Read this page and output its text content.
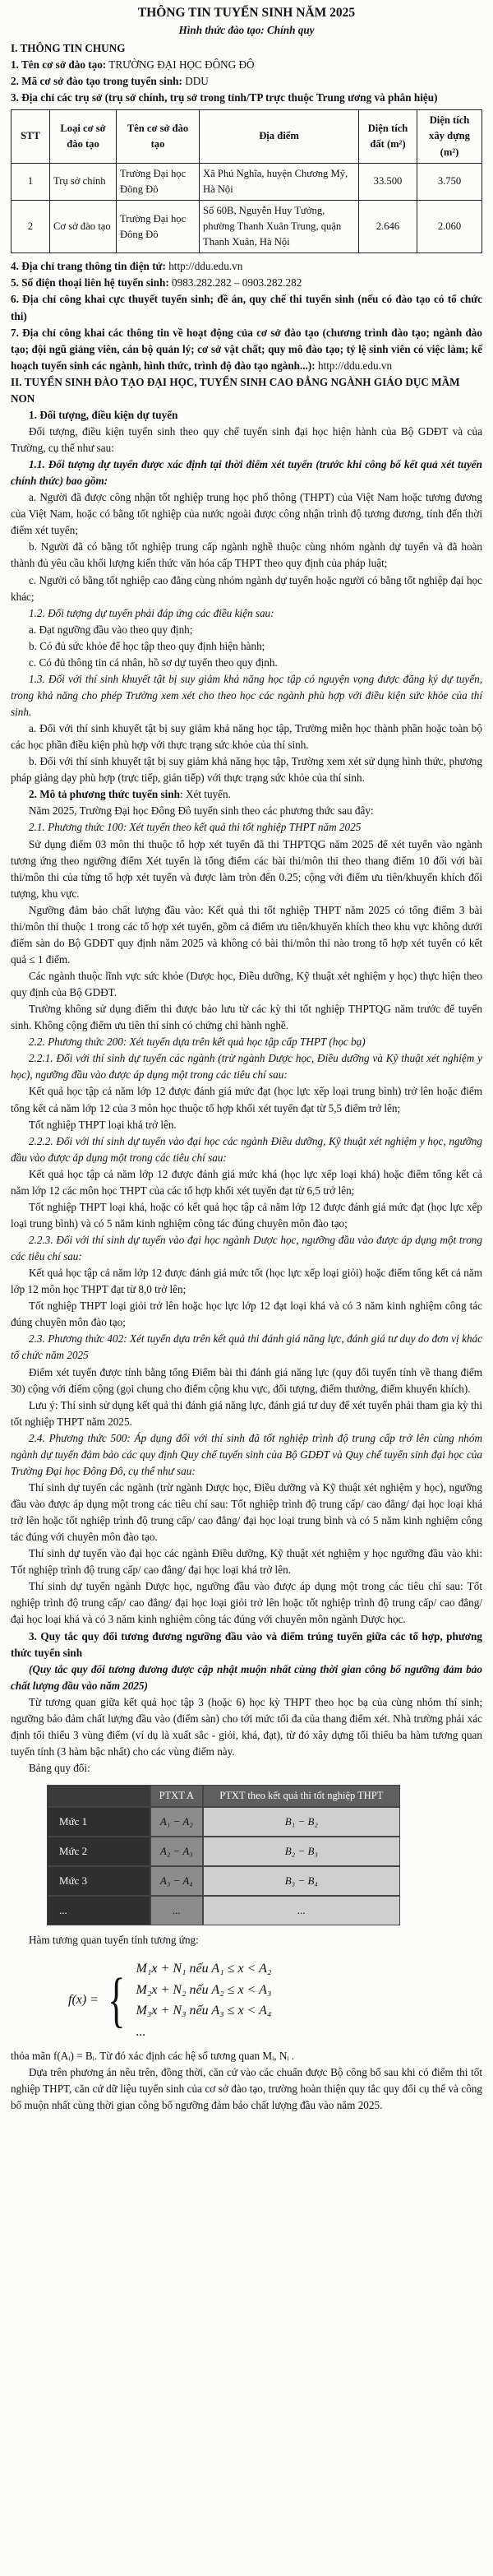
THÔNG TIN TUYỂN SINH NĂM 2025

Hình thức đào tạo: Chính quy

I. THÔNG TIN CHUNG

1. Tên cơ sở đào tạo: TRƯỜNG ĐẠI HỌC ĐÔNG ĐÔ

2. Mã cơ sở đào tạo trong tuyển sinh: DDU

3. Địa chỉ các trụ sở (trụ sở chính, trụ sở trong tỉnh/TP trực thuộc Trung ương và phân hiệu)

STT	Loại cơ sở đào tạo	Tên cơ sở đào tạo	Địa điểm	Diện tích đất (m²)	Diện tích xây dựng (m²)
1	Trụ sở chính	Trường Đại học Đông Đô	Xã Phú Nghĩa, huyện Chương Mỹ, Hà Nội	33.500	3.750
2	Cơ sở đào tạo	Trường Đại học Đông Đô	Số 60B, Nguyễn Huy Tưởng, phường Thanh Xuân Trung, quận Thanh Xuân, Hà Nội	2.646	2.060

4. Địa chỉ trang thông tin điện tử: http://ddu.edu.vn

5. Số điện thoại liên hệ tuyển sinh: 0983.282.282 – 0903.282.282

6. Địa chỉ công khai cực thuyết tuyển sinh; đề án, quy chế thi tuyển sinh (nếu có đào tạo có tổ chức thi)

7. Địa chỉ công khai các thông tin về hoạt động của cơ sở đào tạo (chương trình đào tạo; ngành đào tạo; đội ngũ giảng viên, cán bộ quản lý; cơ sở vật chất; quy mô đào tạo; tỷ lệ sinh viên có việc làm; kế hoạch tuyển sinh các ngành, hình thức, trình độ đào tạo ngành...): http://ddu.edu.vn

II. TUYỂN SINH ĐÀO TẠO ĐẠI HỌC, TUYỂN SINH CAO ĐẲNG NGÀNH GIÁO DỤC MẦM NON

1. Đối tượng, điều kiện dự tuyển

Đối tượng, điều kiện tuyển sinh theo quy chế tuyển sinh đại học hiện hành của Bộ GDĐT và của Trường, cụ thể như sau:

1.1. Đối tượng dự tuyển được xác định tại thời điểm xét tuyển (trước khi công bố kết quả xét tuyển chính thức) bao gồm:

a. Người đã được công nhận tốt nghiệp trung học phổ thông (THPT) của Việt Nam hoặc tương đương của Việt Nam, hoặc có bằng tốt nghiệp của nước ngoài được công nhận trình độ tương đương, tính đến thời điểm xét tuyển;

b. Người đã có bằng tốt nghiệp trung cấp ngành nghề thuộc cùng nhóm ngành dự tuyển và đã hoàn thành đủ yêu cầu khối lượng kiến thức văn hóa cấp THPT theo quy định của pháp luật;

c. Người có bằng tốt nghiệp cao đẳng cùng nhóm ngành dự tuyển hoặc người có bằng tốt nghiệp đại học khác;

1.2. Đối tượng dự tuyển phải đáp ứng các điều kiện sau:

a. Đạt ngưỡng đầu vào theo quy định;

b. Có đủ sức khỏe để học tập theo quy định hiện hành;

c. Có đủ thông tin cá nhân, hồ sơ dự tuyển theo quy định.

1.3. Đối với thí sinh khuyết tật bị suy giảm khả năng học tập có nguyện vọng được đăng ký dự tuyển, trong khả năng cho phép Trường xem xét cho theo học các ngành phù hợp với điều kiện sức khỏe của thí sinh.

a. Đối với thí sinh khuyết tật bị suy giảm khả năng học tập, Trường miễn học thành phần hoặc toàn bộ các học phần điều kiện phù hợp với thực trạng sức khỏe của thí sinh.

b. Đối với thí sinh khuyết tật bị suy giảm khả năng học tập, Trường xem xét sử dụng hình thức, phương pháp giảng dạy phù hợp (trực tiếp, gián tiếp) với thực trạng sức khỏe của thí sinh.

2. Mô tả phương thức tuyển sinh: Xét tuyển.

Năm 2025, Trường Đại học Đông Đô tuyển sinh theo các phương thức sau đây:

2.1. Phương thức 100: Xét tuyển theo kết quả thi tốt nghiệp THPT năm 2025

Sử dụng điểm 03 môn thi thuộc tổ hợp xét tuyển đã thi THPTQG năm 2025 để xét tuyển vào ngành tương ứng theo ngưỡng điểm Xét tuyển là tổng điểm các bài thi/môn thi theo thang điểm 10 đối với bài thi/môn thi của từng tổ hợp xét tuyển và được làm tròn đến 0.25; cộng với điểm ưu tiên/khuyến khích đối tượng, khu vực.

Ngưỡng đảm bảo chất lượng đầu vào: Kết quả thi tốt nghiệp THPT năm 2025 có tổng điểm 3 bài thi/môn thi thuộc 1 trong các tổ hợp xét tuyển, gồm cả điểm ưu tiên/khuyến khích theo khu vực không dưới điểm sàn do Bộ GDĐT quy định năm 2025 và không có bài thi/môn thi nào trong tổ hợp xét tuyển có kết quả ≤ 1 điểm.

Các ngành thuộc lĩnh vực sức khỏe (Dược học, Điều dưỡng, Kỹ thuật xét nghiệm y học) thực hiện theo quy định của Bộ GDĐT.

Trường không sử dụng điểm thi được bảo lưu từ các kỳ thi tốt nghiệp THPTQG năm trước để tuyển sinh. Không cộng điểm ưu tiên thí sinh có chứng chỉ hành nghề.

2.2. Phương thức 200: Xét tuyển dựa trên kết quả học tập cấp THPT (học bạ)

2.2.1. Đối với thí sinh dự tuyển các ngành (trừ ngành Dược học, Điều dưỡng và Kỹ thuật xét nghiệm y học), ngưỡng đầu vào được áp dụng một trong các tiêu chí sau:

Kết quả học tập cả năm lớp 12 được đánh giá mức đạt (học lực xếp loại trung bình) trở lên hoặc điểm tổng kết cả năm lớp 12 của 3 môn học thuộc tổ hợp khối xét tuyển đạt từ 5,5 điểm trở lên;

Tốt nghiệp THPT loại khá trở lên.

2.2.2. Đối với thí sinh dự tuyển vào đại học các ngành Điều dưỡng, Kỹ thuật xét nghiệm y học, ngưỡng đầu vào được áp dụng một trong các tiêu chí sau:

Kết quả học tập cả năm lớp 12 được đánh giá mức khá (học lực xếp loại khá) hoặc điểm tổng kết cả năm lớp 12 các môn học THPT của các tổ hợp khối xét tuyển đạt từ 6,5 trở lên;

Tốt nghiệp THPT loại khá, hoặc có kết quả học tập cả năm lớp 12 được đánh giá mức đạt (học lực xếp loại trung bình) và có 5 năm kinh nghiệm công tác đúng chuyên môn đào tạo;

2.2.3. Đối với thí sinh dự tuyển vào đại học ngành Dược học, ngưỡng đầu vào được áp dụng một trong các tiêu chí sau:

Kết quả học tập cả năm lớp 12 được đánh giá mức tốt (học lực xếp loại giỏi) hoặc điểm tổng kết cả năm lớp 12 môn học THPT đạt từ 8,0 trở lên;

Tốt nghiệp THPT loại giỏi trở lên hoặc học lực lớp 12 đạt loại khá và có 3 năm kinh nghiệm công tác đúng chuyên môn đào tạo;

2.3. Phương thức 402: Xét tuyển dựa trên kết quả thi đánh giá năng lực, đánh giá tư duy do đơn vị khác tổ chức năm 2025

Điểm xét tuyển được tính bằng tổng Điểm bài thi đánh giá năng lực (quy đổi tuyến tính về thang điểm 30) cộng với điểm cộng (gọi chung cho điểm cộng khu vực, đối tượng, điểm thưởng, điểm khuyến khích).

Lưu ý: Thí sinh sử dụng kết quả thi đánh giá năng lực, đánh giá tư duy để xét tuyển phải tham gia kỳ thi tốt nghiệp THPT năm 2025.

2.4. Phương thức 500: Áp dụng đối với thí sinh đã tốt nghiệp trình độ trung cấp trở lên cùng nhóm ngành dự tuyển đảm bảo các quy định Quy chế tuyển sinh của Bộ GDĐT và Quy chế tuyển sinh đại học của Trường Đại học Đông Đô, cụ thể như sau:

Thí sinh dự tuyển các ngành (trừ ngành Dược học, Điều dưỡng và Kỹ thuật xét nghiệm y học), ngưỡng đầu vào được áp dụng một trong các tiêu chí sau: Tốt nghiệp trình độ trung cấp/ cao đẳng/ đại học loại khá trở lên hoặc tốt nghiệp trình độ trung cấp/ cao đẳng/ đại học loại trung bình và có 5 năm kinh nghiệm công tác đúng với chuyên môn đào tạo.

Thí sinh dự tuyển vào đại học các ngành Điều dưỡng, Kỹ thuật xét nghiệm y học ngưỡng đầu vào khi: Tốt nghiệp trình độ trung cấp/ cao đẳng/ đại học loại khá trở lên.

Thí sinh dự tuyển ngành Dược học, ngưỡng đầu vào được áp dụng một trong các tiêu chí sau: Tốt nghiệp trình độ trung cấp/ cao đẳng/ đại học loại giỏi trở lên hoặc tốt nghiệp trình độ trung cấp/ cao đẳng/ đại học loại khá và có 3 năm kinh nghiệm công tác đúng với chuyên môn ngành Dược học.

3. Quy tắc quy đổi tương đương ngưỡng đầu vào và điểm trúng tuyển giữa các tổ hợp, phương thức tuyển sinh

(Quy tắc quy đổi tương đương được cập nhật muộn nhất cùng thời gian công bố ngưỡng đảm bảo chất lượng đầu vào năm 2025)

Từ tương quan giữa kết quả học tập 3 (hoặc 6) học kỳ THPT theo học bạ của cùng nhóm thí sinh; ngưỡng bảo đảm chất lượng đầu vào (điểm sàn) cho tới mức tối đa của thang điểm xét. Nhà trường phải xác định tối thiểu 3 vùng điểm (ví dụ là xuất sắc - giỏi, khá, đạt), từ đó xây dựng tối thiểu ba hàm tương quan tuyến tính (3 hàm bậc nhất) cho các vùng điểm này.

Bảng quy đổi:

	PTXT A	PTXT theo kết quả thi tốt nghiệp THPT
Mức 1	A₁ − A₂	B₁ − B₂
Mức 2	A₂ − A₃	B₂ − B₃
Mức 3	A₃ − A₄	B₃ − B₄
...	...	...

Hàm tương quan tuyến tính tương ứng:

f(x) = { M₁x + N₁ nếu A₁ ≤ x < A₂
M₂x + N₂ nếu A₂ ≤ x < A₃
M₃x + N₃ nếu A₃ ≤ x < A₄
...

thỏa mãn f(Aᵢ) = Bᵢ. Từ đó xác định các hệ số tương quan Mᵢ, Nᵢ .

Dựa trên phương án nêu trên, đồng thời, căn cứ vào các chuẩn được Bộ công bố sau khi có điểm thi tốt nghiệp THPT, căn cứ dữ liệu tuyển sinh của cơ sở đào tạo, trường hoàn thiện quy tắc quy đổi cụ thể và công bố muộn nhất cùng thời gian công bố ngưỡng đảm bảo chất lượng đầu vào năm 2025.
